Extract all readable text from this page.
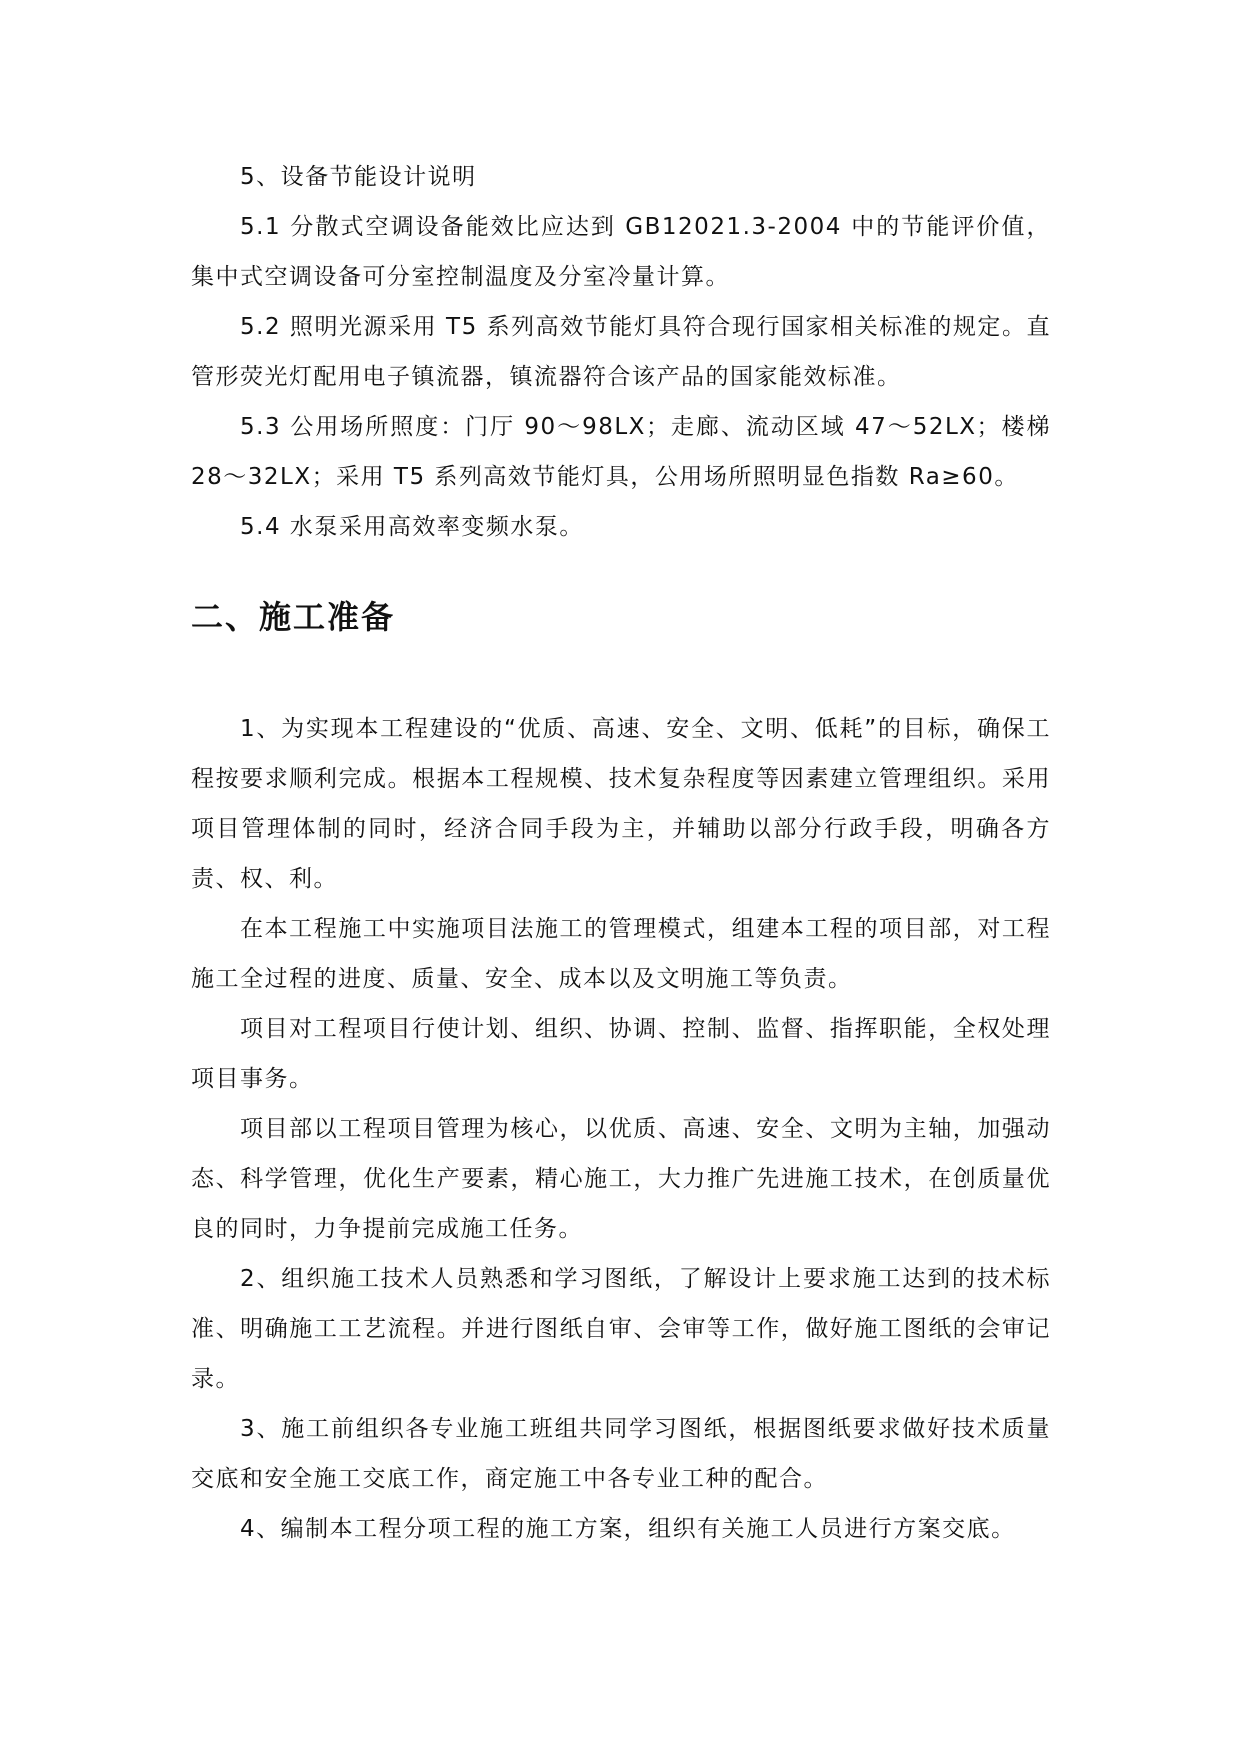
5、设备节能设计说明

5.1 分散式空调设备能效比应达到 GB12021.3-2004 中的节能评价值，集中式空调设备可分室控制温度及分室冷量计算。

5.2 照明光源采用 T5 系列高效节能灯具符合现行国家相关标准的规定。直管形荧光灯配用电子镇流器，镇流器符合该产品的国家能效标准。

5.3 公用场所照度：门厅 90～98LX；走廊、流动区域 47～52LX；楼梯 28～32LX；采用 T5 系列高效节能灯具，公用场所照明显色指数 Ra≥60。

5.4 水泵采用高效率变频水泵。

二、施工准备

1、为实现本工程建设的“优质、高速、安全、文明、低耗”的目标，确保工程按要求顺利完成。根据本工程规模、技术复杂程度等因素建立管理组织。采用项目管理体制的同时，经济合同手段为主，并辅助以部分行政手段，明确各方责、权、利。

在本工程施工中实施项目法施工的管理模式，组建本工程的项目部，对工程施工全过程的进度、质量、安全、成本以及文明施工等负责。

项目对工程项目行使计划、组织、协调、控制、监督、指挥职能，全权处理项目事务。

项目部以工程项目管理为核心，以优质、高速、安全、文明为主轴，加强动态、科学管理，优化生产要素，精心施工，大力推广先进施工技术，在创质量优良的同时，力争提前完成施工任务。

2、组织施工技术人员熟悉和学习图纸，了解设计上要求施工达到的技术标准、明确施工工艺流程。并进行图纸自审、会审等工作，做好施工图纸的会审记录。

3、施工前组织各专业施工班组共同学习图纸，根据图纸要求做好技术质量交底和安全施工交底工作，商定施工中各专业工种的配合。

4、编制本工程分项工程的施工方案，组织有关施工人员进行方案交底。
